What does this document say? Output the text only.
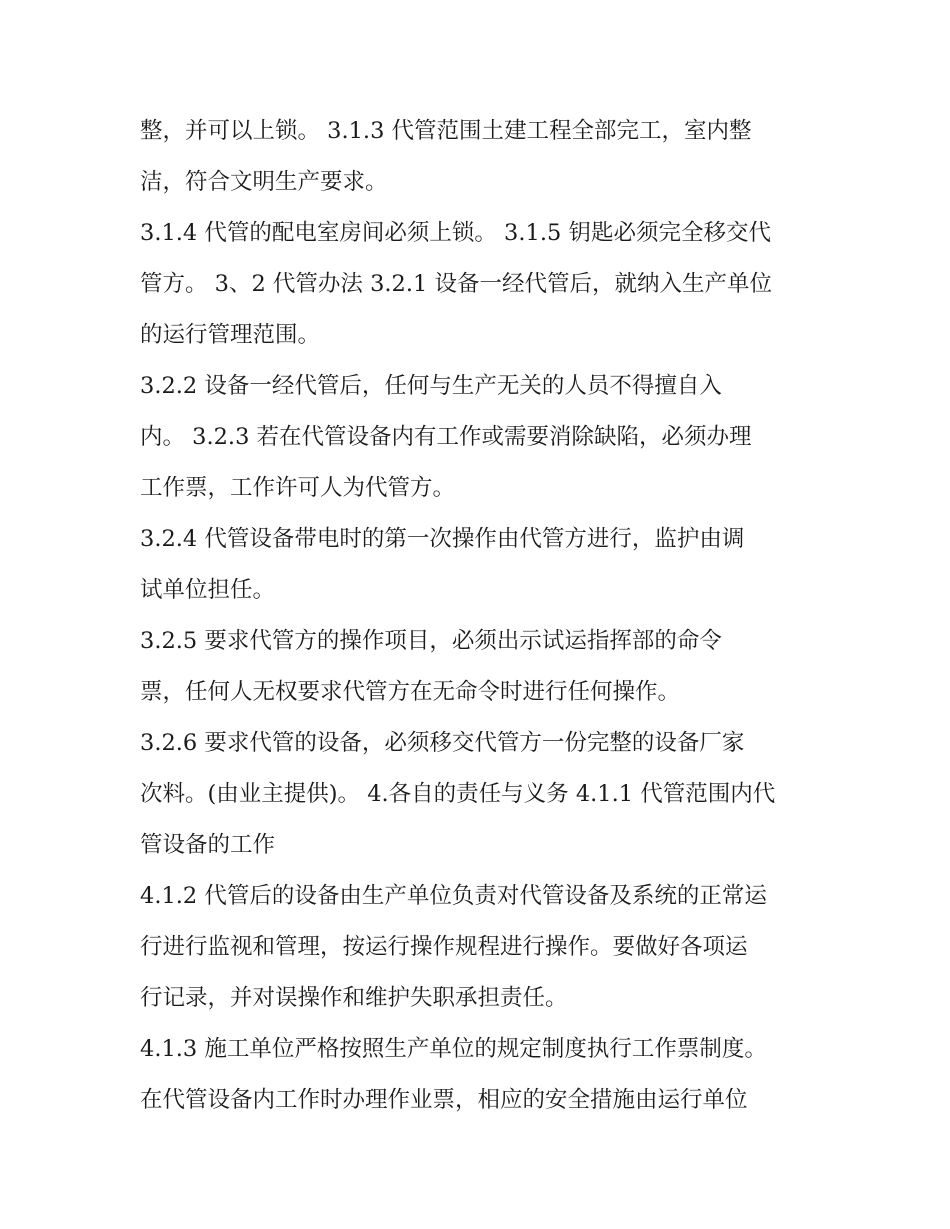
整，并可以上锁。 3.1.3 代管范围土建工程全部完工，室内整
洁，符合文明生产要求。
3.1.4 代管的配电室房间必须上锁。 3.1.5 钥匙必须完全移交代
管方。 3、2 代管办法 3.2.1 设备一经代管后，就纳入生产单位
的运行管理范围。
3.2.2 设备一经代管后，任何与生产无关的人员不得擅自入
内。 3.2.3 若在代管设备内有工作或需要消除缺陷，必须办理
工作票，工作许可人为代管方。
3.2.4 代管设备带电时的第一次操作由代管方进行，监护由调
试单位担任。
3.2.5 要求代管方的操作项目，必须出示试运指挥部的命令
票，任何人无权要求代管方在无命令时进行任何操作。
3.2.6 要求代管的设备，必须移交代管方一份完整的设备厂家
次料。(由业主提供)。 4.各自的责任与义务 4.1.1 代管范围内代
管设备的工作
4.1.2 代管后的设备由生产单位负责对代管设备及系统的正常运
行进行监视和管理，按运行操作规程进行操作。要做好各项运
行记录，并对误操作和维护失职承担责任。
4.1.3 施工单位严格按照生产单位的规定制度执行工作票制度。
在代管设备内工作时办理作业票，相应的安全措施由运行单位
